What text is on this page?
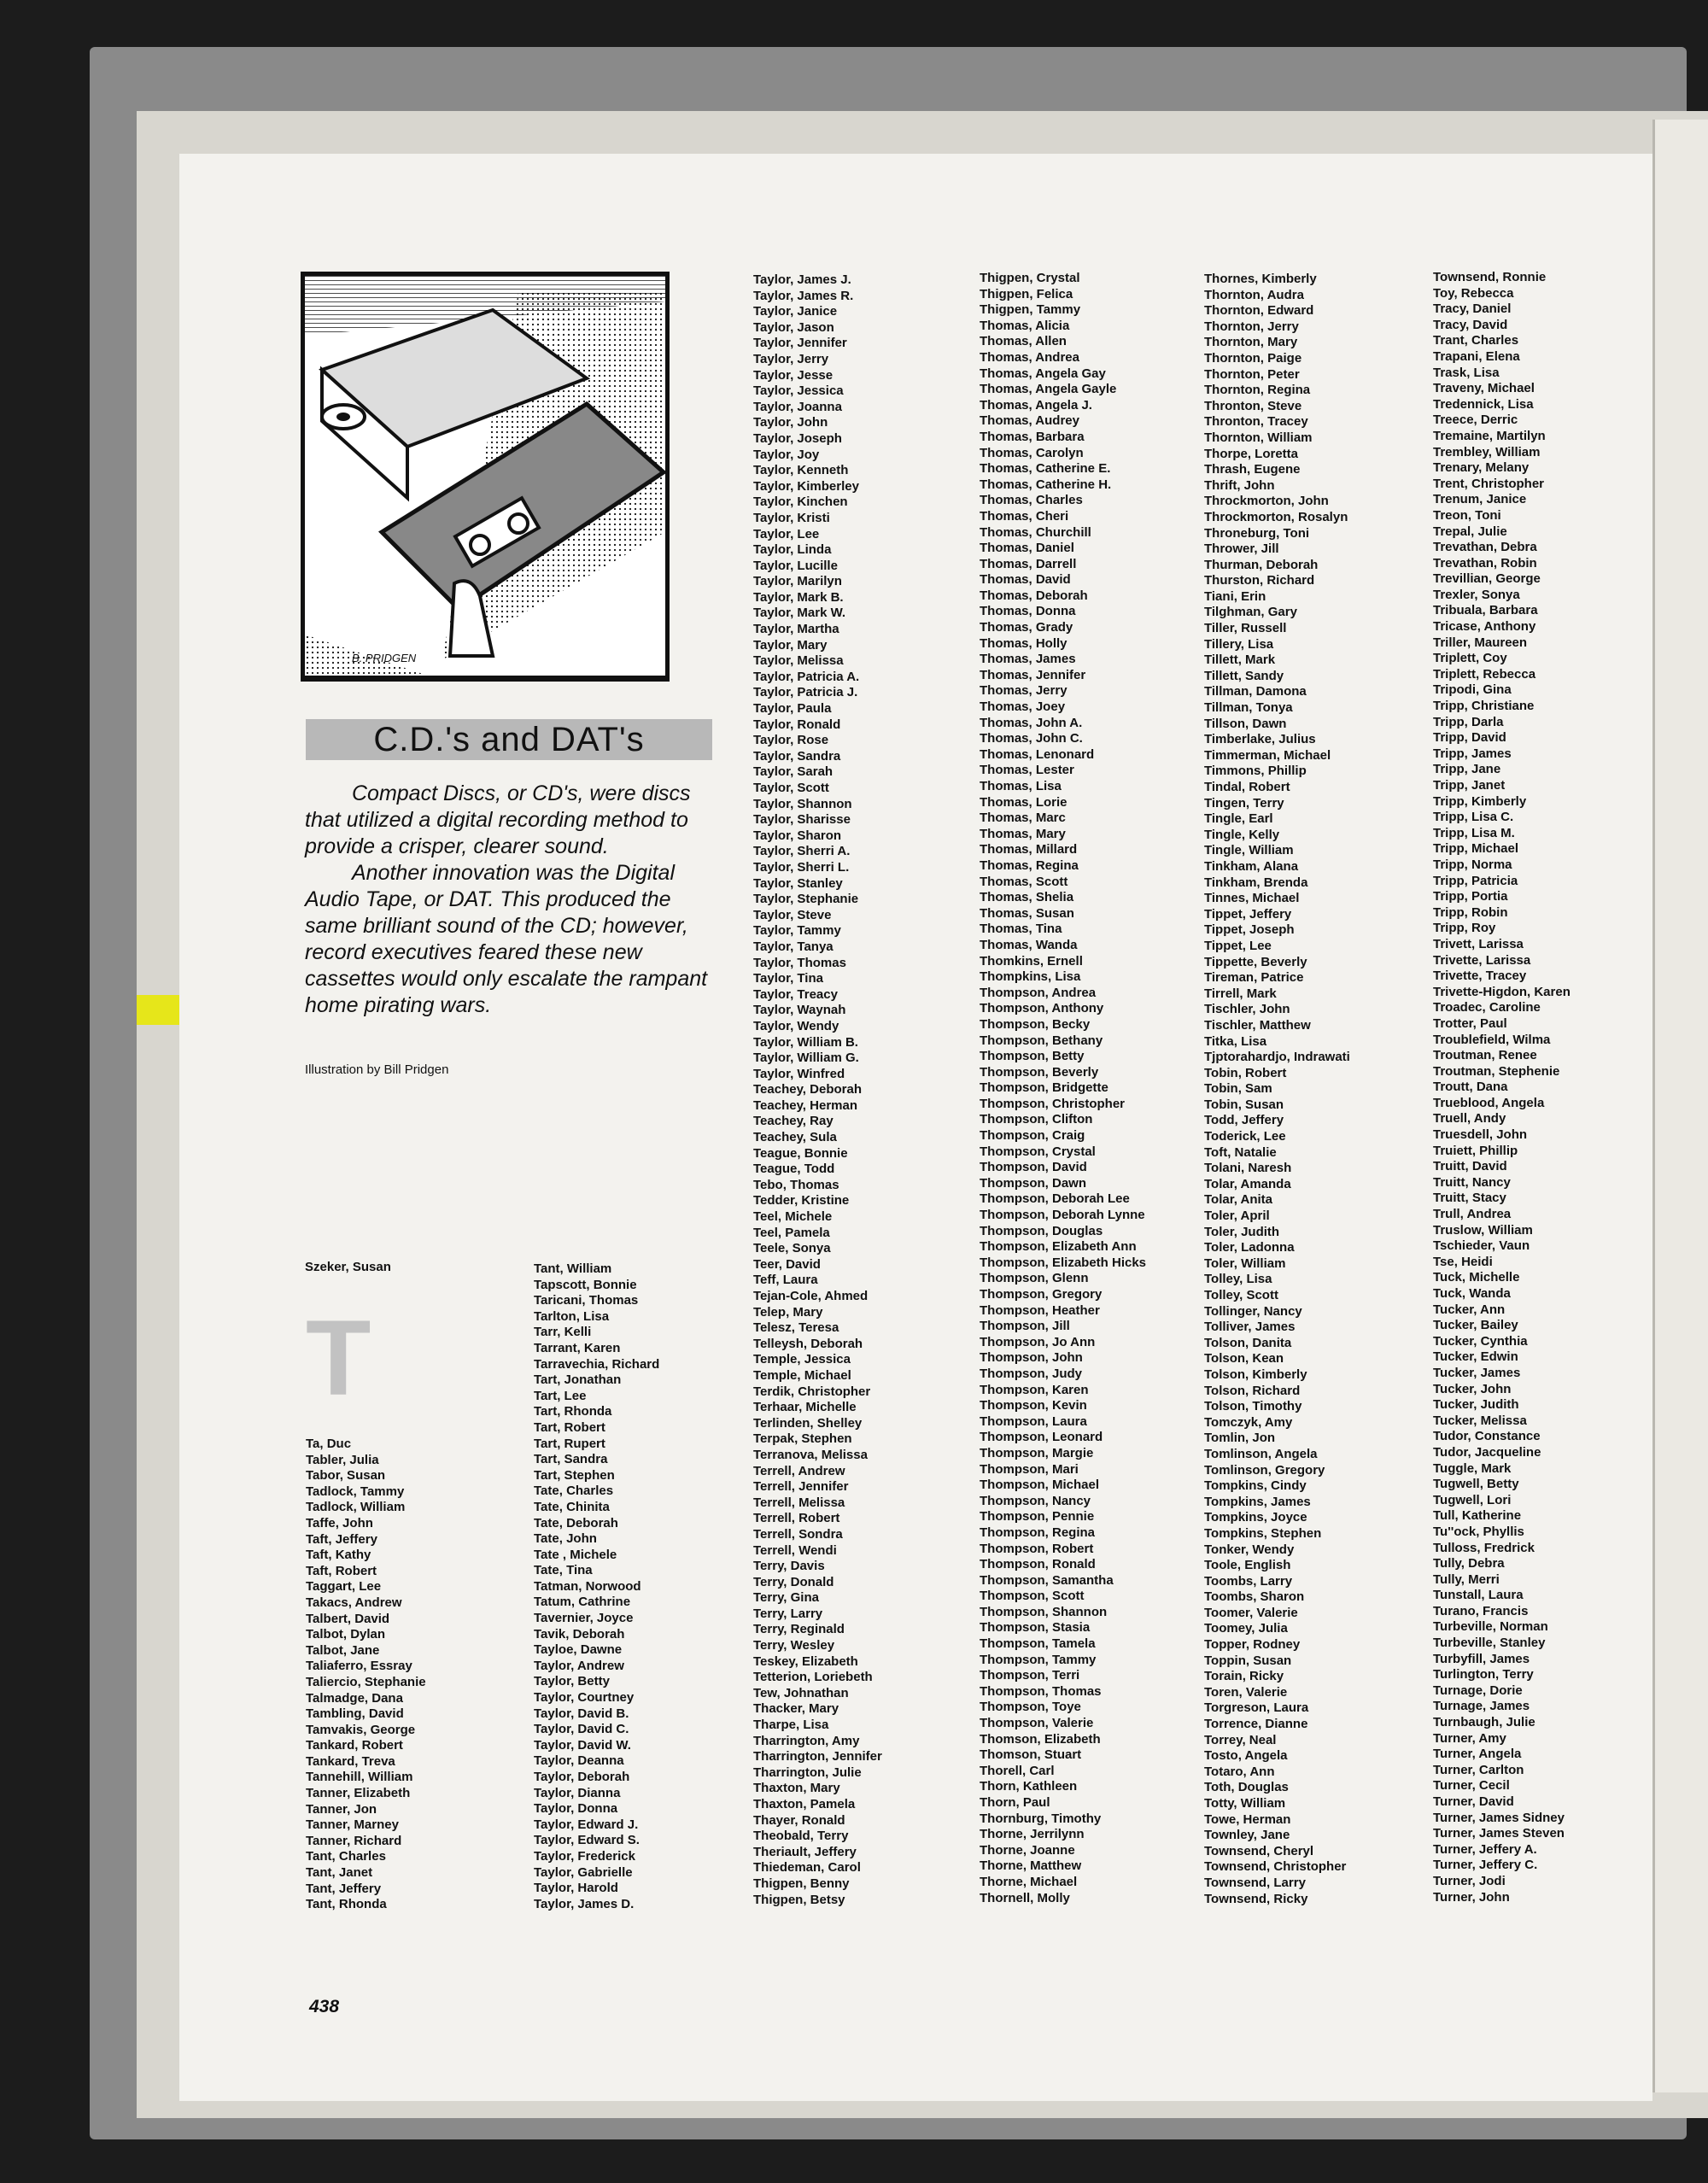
B. PRIDGEN
C.D.'s and DAT's

Compact Discs, or CD's, were discs that utilized a digital recording method to provide a crisper, clearer sound.

Another innovation was the Digital Audio Tape, or DAT. This produced the same brilliant sound of the CD; however, record executives feared these new cassettes would only escalate the rampant home pirating wars.

Illustration by Bill Pridgen
Szeker, Susan
T
Ta, Duc
Tabler, Julia
Tabor, Susan
Tadlock, Tammy
Tadlock, William
Taffe, John
Taft, Jeffery
Taft, Kathy
Taft, Robert
Taggart, Lee
Takacs, Andrew
Talbert, David
Talbot, Dylan
Talbot, Jane
Taliaferro, Essray
Taliercio, Stephanie
Talmadge, Dana
Tambling, David
Tamvakis, George
Tankard, Robert
Tankard, Treva
Tannehill, William
Tanner, Elizabeth
Tanner, Jon
Tanner, Marney
Tanner, Richard
Tant, Charles
Tant, Janet
Tant, Jeffery
Tant, Rhonda
Tant, William
Tapscott, Bonnie
Taricani, Thomas
Tarlton, Lisa
Tarr, Kelli
Tarrant, Karen
Tarravechia, Richard
Tart, Jonathan
Tart, Lee
Tart, Rhonda
Tart, Robert
Tart, Rupert
Tart, Sandra
Tart, Stephen
Tate, Charles
Tate, Chinita
Tate, Deborah
Tate, John
Tate , Michele
Tate, Tina
Tatman, Norwood
Tatum, Cathrine
Tavernier, Joyce
Tavik, Deborah
Tayloe, Dawne
Taylor, Andrew
Taylor, Betty
Taylor, Courtney
Taylor, David B.
Taylor, David C.
Taylor, David W.
Taylor, Deanna
Taylor, Deborah
Taylor, Dianna
Taylor, Donna
Taylor, Edward J.
Taylor, Edward S.
Taylor, Frederick
Taylor, Gabrielle
Taylor, Harold
Taylor, James D.
Taylor, James J.
Taylor, James R.
Taylor, Janice
Taylor, Jason
Taylor, Jennifer
Taylor, Jerry
Taylor, Jesse
Taylor, Jessica
Taylor, Joanna
Taylor, John
Taylor, Joseph
Taylor, Joy
Taylor, Kenneth
Taylor, Kimberley
Taylor, Kinchen
Taylor, Kristi
Taylor, Lee
Taylor, Linda
Taylor, Lucille
Taylor, Marilyn
Taylor, Mark B.
Taylor, Mark W.
Taylor, Martha
Taylor, Mary
Taylor, Melissa
Taylor, Patricia A.
Taylor, Patricia J.
Taylor, Paula
Taylor, Ronald
Taylor, Rose
Taylor, Sandra
Taylor, Sarah
Taylor, Scott
Taylor, Shannon
Taylor, Sharisse
Taylor, Sharon
Taylor, Sherri A.
Taylor, Sherri L.
Taylor, Stanley
Taylor, Stephanie
Taylor, Steve
Taylor, Tammy
Taylor, Tanya
Taylor, Thomas
Taylor, Tina
Taylor, Treacy
Taylor, Waynah
Taylor, Wendy
Taylor, William B.
Taylor, William G.
Taylor, Winfred
Teachey, Deborah
Teachey, Herman
Teachey, Ray
Teachey, Sula
Teague, Bonnie
Teague, Todd
Tebo, Thomas
Tedder, Kristine
Teel, Michele
Teel, Pamela
Teele, Sonya
Teer, David
Teff, Laura
Tejan-Cole, Ahmed
Telep, Mary
Telesz, Teresa
Telleysh, Deborah
Temple, Jessica
Temple, Michael
Terdik, Christopher
Terhaar, Michelle
Terlinden, Shelley
Terpak, Stephen
Terranova, Melissa
Terrell, Andrew
Terrell, Jennifer
Terrell, Melissa
Terrell, Robert
Terrell, Sondra
Terrell, Wendi
Terry, Davis
Terry, Donald
Terry, Gina
Terry, Larry
Terry, Reginald
Terry, Wesley
Teskey, Elizabeth
Tetterion, Loriebeth
Tew, Johnathan
Thacker, Mary
Tharpe, Lisa
Tharrington, Amy
Tharrington, Jennifer
Tharrington, Julie
Thaxton, Mary
Thaxton, Pamela
Thayer, Ronald
Theobald, Terry
Theriault, Jeffery
Thiedeman, Carol
Thigpen, Benny
Thigpen, Betsy
Thigpen, Crystal
Thigpen, Felica
Thigpen, Tammy
Thomas, Alicia
Thomas, Allen
Thomas, Andrea
Thomas, Angela Gay
Thomas, Angela Gayle
Thomas, Angela J.
Thomas, Audrey
Thomas, Barbara
Thomas, Carolyn
Thomas, Catherine E.
Thomas, Catherine H.
Thomas, Charles
Thomas, Cheri
Thomas, Churchill
Thomas, Daniel
Thomas, Darrell
Thomas, David
Thomas, Deborah
Thomas, Donna
Thomas, Grady
Thomas, Holly
Thomas, James
Thomas, Jennifer
Thomas, Jerry
Thomas, Joey
Thomas, John A.
Thomas, John C.
Thomas, Lenonard
Thomas, Lester
Thomas, Lisa
Thomas, Lorie
Thomas, Marc
Thomas, Mary
Thomas, Millard
Thomas, Regina
Thomas, Scott
Thomas, Shelia
Thomas, Susan
Thomas, Tina
Thomas, Wanda
Thomkins, Ernell
Thompkins, Lisa
Thompson, Andrea
Thompson, Anthony
Thompson, Becky
Thompson, Bethany
Thompson, Betty
Thompson, Beverly
Thompson, Bridgette
Thompson, Christopher
Thompson, Clifton
Thompson, Craig
Thompson, Crystal
Thompson, David
Thompson, Dawn
Thompson, Deborah Lee
Thompson, Deborah Lynne
Thompson, Douglas
Thompson, Elizabeth Ann
Thompson, Elizabeth Hicks
Thompson, Glenn
Thompson, Gregory
Thompson, Heather
Thompson, Jill
Thompson, Jo Ann
Thompson, John
Thompson, Judy
Thompson, Karen
Thompson, Kevin
Thompson, Laura
Thompson, Leonard
Thompson, Margie
Thompson, Mari
Thompson, Michael
Thompson, Nancy
Thompson, Pennie
Thompson, Regina
Thompson, Robert
Thompson, Ronald
Thompson, Samantha
Thompson, Scott
Thompson, Shannon
Thompson, Stasia
Thompson, Tamela
Thompson, Tammy
Thompson, Terri
Thompson, Thomas
Thompson, Toye
Thompson, Valerie
Thomson, Elizabeth
Thomson, Stuart
Thorell, Carl
Thorn, Kathleen
Thorn, Paul
Thornburg, Timothy
Thorne, Jerrilynn
Thorne, Joanne
Thorne, Matthew
Thorne, Michael
Thornell, Molly
Thornes, Kimberly
Thornton, Audra
Thornton, Edward
Thornton, Jerry
Thornton, Mary
Thornton, Paige
Thornton, Peter
Thornton, Regina
Thronton, Steve
Thronton, Tracey
Thornton, William
Thorpe, Loretta
Thrash, Eugene
Thrift, John
Throckmorton, John
Throckmorton, Rosalyn
Throneburg, Toni
Thrower, Jill
Thurman, Deborah
Thurston, Richard
Tiani, Erin
Tilghman, Gary
Tiller, Russell
Tillery, Lisa
Tillett, Mark
Tillett, Sandy
Tillman, Damona
Tillman, Tonya
Tillson, Dawn
Timberlake, Julius
Timmerman, Michael
Timmons, Phillip
Tindal, Robert
Tingen, Terry
Tingle, Earl
Tingle, Kelly
Tingle, William
Tinkham, Alana
Tinkham, Brenda
Tinnes, Michael
Tippet, Jeffery
Tippet, Joseph
Tippet, Lee
Tippette, Beverly
Tireman, Patrice
Tirrell, Mark
Tischler, John
Tischler, Matthew
Titka, Lisa
Tjptorahardjo, Indrawati
Tobin, Robert
Tobin, Sam
Tobin, Susan
Todd, Jeffery
Toderick, Lee
Toft, Natalie
Tolani, Naresh
Tolar, Amanda
Tolar, Anita
Toler, April
Toler, Judith
Toler, Ladonna
Toler, William
Tolley, Lisa
Tolley, Scott
Tollinger, Nancy
Tolliver, James
Tolson, Danita
Tolson, Kean
Tolson, Kimberly
Tolson, Richard
Tolson, Timothy
Tomczyk, Amy
Tomlin, Jon
Tomlinson, Angela
Tomlinson, Gregory
Tompkins, Cindy
Tompkins, James
Tompkins, Joyce
Tompkins, Stephen
Tonker, Wendy
Toole, English
Toombs, Larry
Toombs, Sharon
Toomer, Valerie
Toomey, Julia
Topper, Rodney
Toppin, Susan
Torain, Ricky
Toren, Valerie
Torgreson, Laura
Torrence, Dianne
Torrey, Neal
Tosto, Angela
Totaro, Ann
Toth, Douglas
Totty, William
Towe, Herman
Townley, Jane
Townsend, Cheryl
Townsend, Christopher
Townsend, Larry
Townsend, Ricky
Townsend, Ronnie
Toy, Rebecca
Tracy, Daniel
Tracy, David
Trant, Charles
Trapani, Elena
Trask, Lisa
Traveny, Michael
Tredennick, Lisa
Treece, Derric
Tremaine, Martilyn
Trembley, William
Trenary, Melany
Trent, Christopher
Trenum, Janice
Treon, Toni
Trepal, Julie
Trevathan, Debra
Trevathan, Robin
Trevillian, George
Trexler, Sonya
Tribuala, Barbara
Tricase, Anthony
Triller, Maureen
Triplett, Coy
Triplett, Rebecca
Tripodi, Gina
Tripp, Christiane
Tripp, Darla
Tripp, David
Tripp, James
Tripp, Jane
Tripp, Janet
Tripp, Kimberly
Tripp, Lisa C.
Tripp, Lisa M.
Tripp, Michael
Tripp, Norma
Tripp, Patricia
Tripp, Portia
Tripp, Robin
Tripp, Roy
Trivett, Larissa
Trivette, Larissa
Trivette, Tracey
Trivette-Higdon, Karen
Troadec, Caroline
Trotter, Paul
Troublefield, Wilma
Troutman, Renee
Troutman, Stephenie
Troutt, Dana
Trueblood, Angela
Truell, Andy
Truesdell, John
Truiett, Phillip
Truitt, David
Truitt, Nancy
Truitt, Stacy
Trull, Andrea
Truslow, William
Tschieder, Vaun
Tse, Heidi
Tuck, Michelle
Tuck, Wanda
Tucker, Ann
Tucker, Bailey
Tucker, Cynthia
Tucker, Edwin
Tucker, James
Tucker, John
Tucker, Judith
Tucker, Melissa
Tudor, Constance
Tudor, Jacqueline
Tuggle, Mark
Tugwell, Betty
Tugwell, Lori
Tull, Katherine
Tu''ock, Phyllis
Tulloss, Fredrick
Tully, Debra
Tully, Merri
Tunstall, Laura
Turano, Francis
Turbeville, Norman
Turbeville, Stanley
Turbyfill, James
Turlington, Terry
Turnage, Dorie
Turnage, James
Turnbaugh, Julie
Turner, Amy
Turner, Angela
Turner, Carlton
Turner, Cecil
Turner, David
Turner, James Sidney
Turner, James Steven
Turner, Jeffery A.
Turner, Jeffery C.
Turner, Jodi
Turner, John
438
